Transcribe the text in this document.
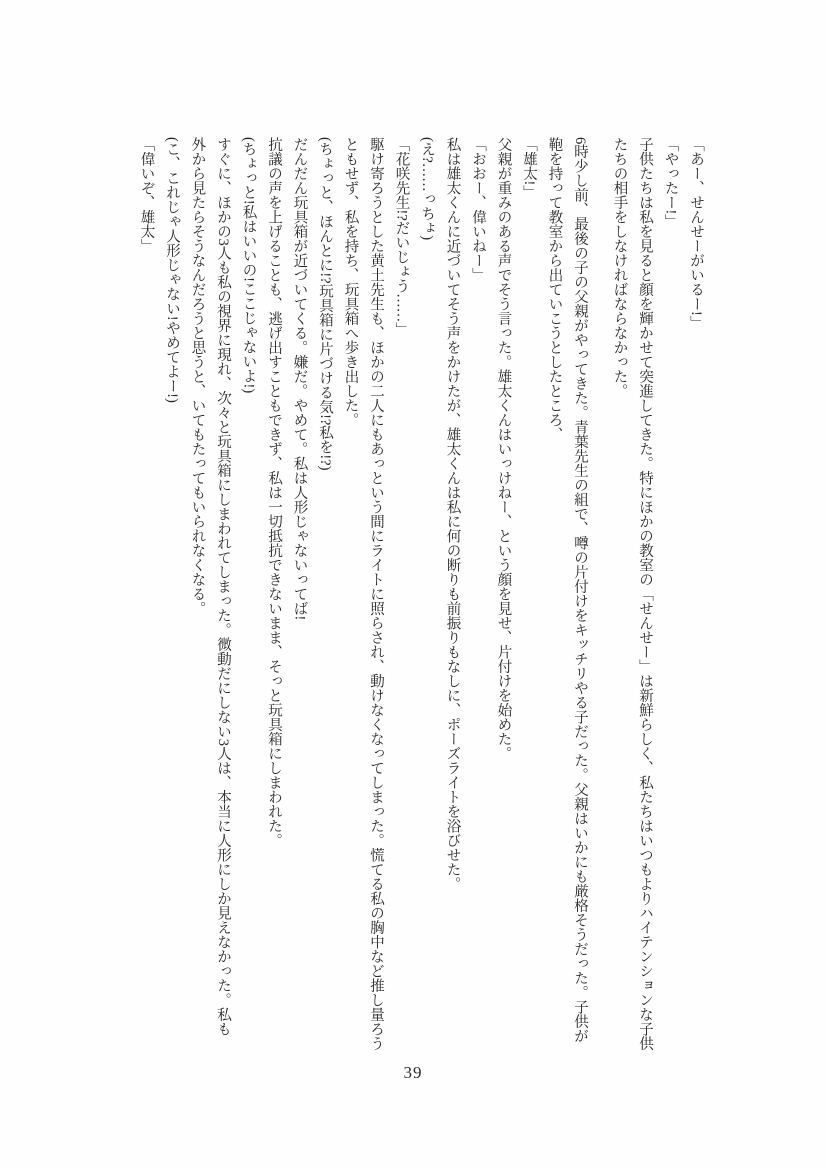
「あー、せんせーがいるー!」
「やったー!」
子供たちは私を見ると顔を輝かせて突進してきた。特にほかの教室の「せんせー」は新鮮らしく、私たちはいつもよりハイテンションな子供
たちの相手をしなければならなかった。
6時少し前、最後の子の父親がやってきた。青葉先生の組で、噂の片付けをキッチリやる子だった。父親はいかにも厳格そうだった。子供が
鞄を持って教室から出ていこうとしたところ、
「雄太!」
父親が重みのある声でそう言った。雄太くんはいっけねー、という顔を見せ、片付けを始めた。
「おおー、偉いねー」
私は雄太くんに近づいてそう声をかけたが、雄太くんは私に何の断りも前振りもなしに、ポーズライトを浴びせた。
(え?……っちょ)
「花咲先生!?だいじょう……」
駆け寄ろうとした黄土先生も、ほかの二人にもあっという間にライトに照らされ、動けなくなってしまった。慌てる私の胸中など推し量ろう
ともせず、私を持ち、玩具箱へ歩き出した。
(ちょっと、ほんとに!?玩具箱に片づける気!?私を!?)
だんだん玩具箱が近づいてくる。嫌だ。やめて。私は人形じゃないってば!
抗議の声を上げることも、逃げ出すこともできず、私は一切抵抗できないまま、そっと玩具箱にしまわれた。
(ちょっと!私はいいの!ここじゃないよ!)
すぐに、ほかの3人も私の視界に現れ、次々と玩具箱にしまわれてしまった。微動だにしない3人は、本当に人形にしか見えなかった。私も
外から見たらそうなんだろうと思うと、いてもたってもいられなくなる。
(こ、これじゃ人形じゃない!やめてよー!)
「偉いぞ、雄太」
39
